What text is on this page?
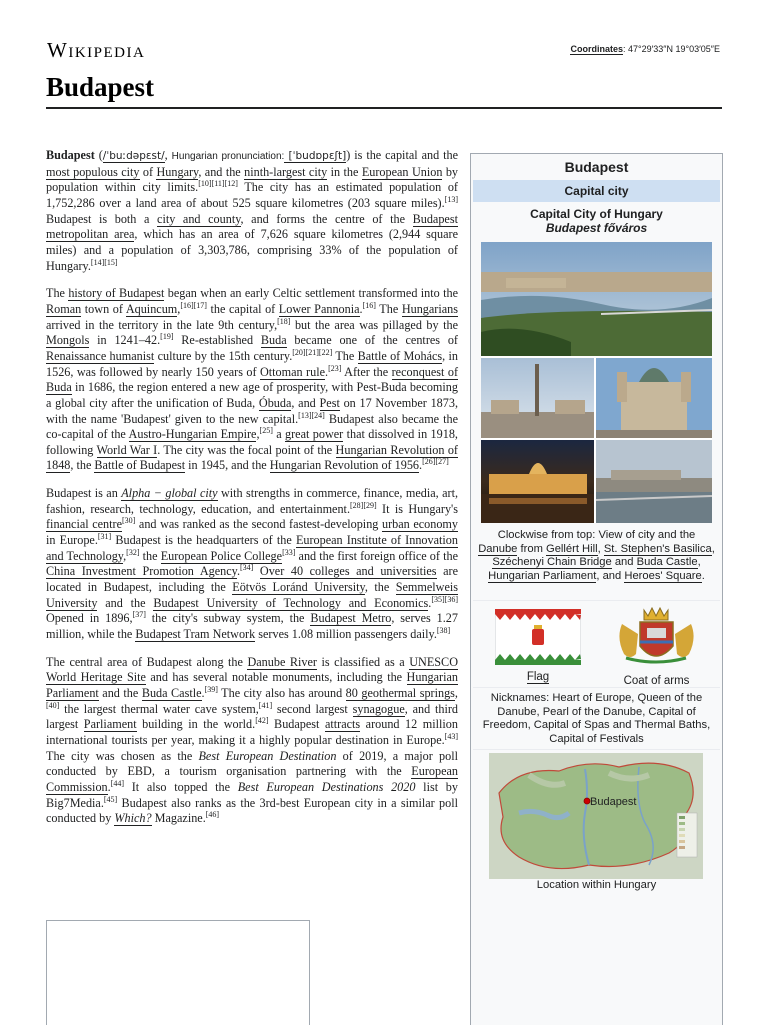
Wikipedia	Coordinates: 47°29′33″N 19°03′05″E
Budapest

Budapest (/ˈbuːdəpɛst/, Hungarian pronunciation: [ˈbudɒpɛʃt]) is the capital and the most populous city of Hungary, and the ninth-largest city in the European Union by population within city limits.[10][11][12] The city has an estimated population of 1,752,286 over a land area of about 525 square kilometres (203 square miles).[13] Budapest is both a city and county, and forms the centre of the Budapest metropolitan area, which has an area of 7,626 square kilometres (2,944 square miles) and a population of 3,303,786, comprising 33% of the population of Hungary.[14][15]

The history of Budapest began when an early Celtic settlement transformed into the Roman town of Aquincum,[16][17] the capital of Lower Pannonia.[16] The Hungarians arrived in the territory in the late 9th century,[18] but the area was pillaged by the Mongols in 1241–42.[19] Re-established Buda became one of the centres of Renaissance humanist culture by the 15th century.[20][21][22] The Battle of Mohács, in 1526, was followed by nearly 150 years of Ottoman rule.[23] After the reconquest of Buda in 1686, the region entered a new age of prosperity, with Pest-Buda becoming a global city after the unification of Buda, Óbuda, and Pest on 17 November 1873, with the name 'Budapest' given to the new capital.[13][24] Budapest also became the co-capital of the Austro-Hungarian Empire,[25] a great power that dissolved in 1918, following World War I. The city was the focal point of the Hungarian Revolution of 1848, the Battle of Budapest in 1945, and the Hungarian Revolution of 1956.[26][27]

Budapest is an Alpha − global city with strengths in commerce, finance, media, art, fashion, research, technology, education, and entertainment.[28][29] It is Hungary's financial centre[30] and was ranked as the second fastest-developing urban economy in Europe.[31] Budapest is the headquarters of the European Institute of Innovation and Technology,[32] the European Police College[33] and the first foreign office of the China Investment Promotion Agency.[34] Over 40 colleges and universities are located in Budapest, including the Eötvös Loránd University, the Semmelweis University and the Budapest University of Technology and Economics.[35][36] Opened in 1896,[37] the city's subway system, the Budapest Metro, serves 1.27 million, while the Budapest Tram Network serves 1.08 million passengers daily.[38]

The central area of Budapest along the Danube River is classified as a UNESCO World Heritage Site and has several notable monuments, including the Hungarian Parliament and the Buda Castle.[39] The city also has around 80 geothermal springs,[40] the largest thermal water cave system,[41] second largest synagogue, and third largest Parliament building in the world.[42] Budapest attracts around 12 million international tourists per year, making it a highly popular destination in Europe.[43] The city was chosen as the Best European Destination of 2019, a major poll conducted by EBD, a tourism organisation partnering with the European Commission.[44] It also topped the Best European Destinations 2020 list by Big7Media.[45] Budapest also ranks as the 3rd-best European city in a similar poll conducted by Which? Magazine.[46]

Budapest
Capital city
Capital City of Hungary
Budapest főváros
Clockwise from top: View of city and the Danube from Gellért Hill, St. Stephen's Basilica, Széchenyi Chain Bridge and Buda Castle, Hungarian Parliament, and Heroes' Square.
Flag	Coat of arms
Nicknames: Heart of Europe, Queen of the Danube, Pearl of the Danube, Capital of Freedom, Capital of Spas and Thermal Baths, Capital of Festivals
Budapest
Location within Hungary
